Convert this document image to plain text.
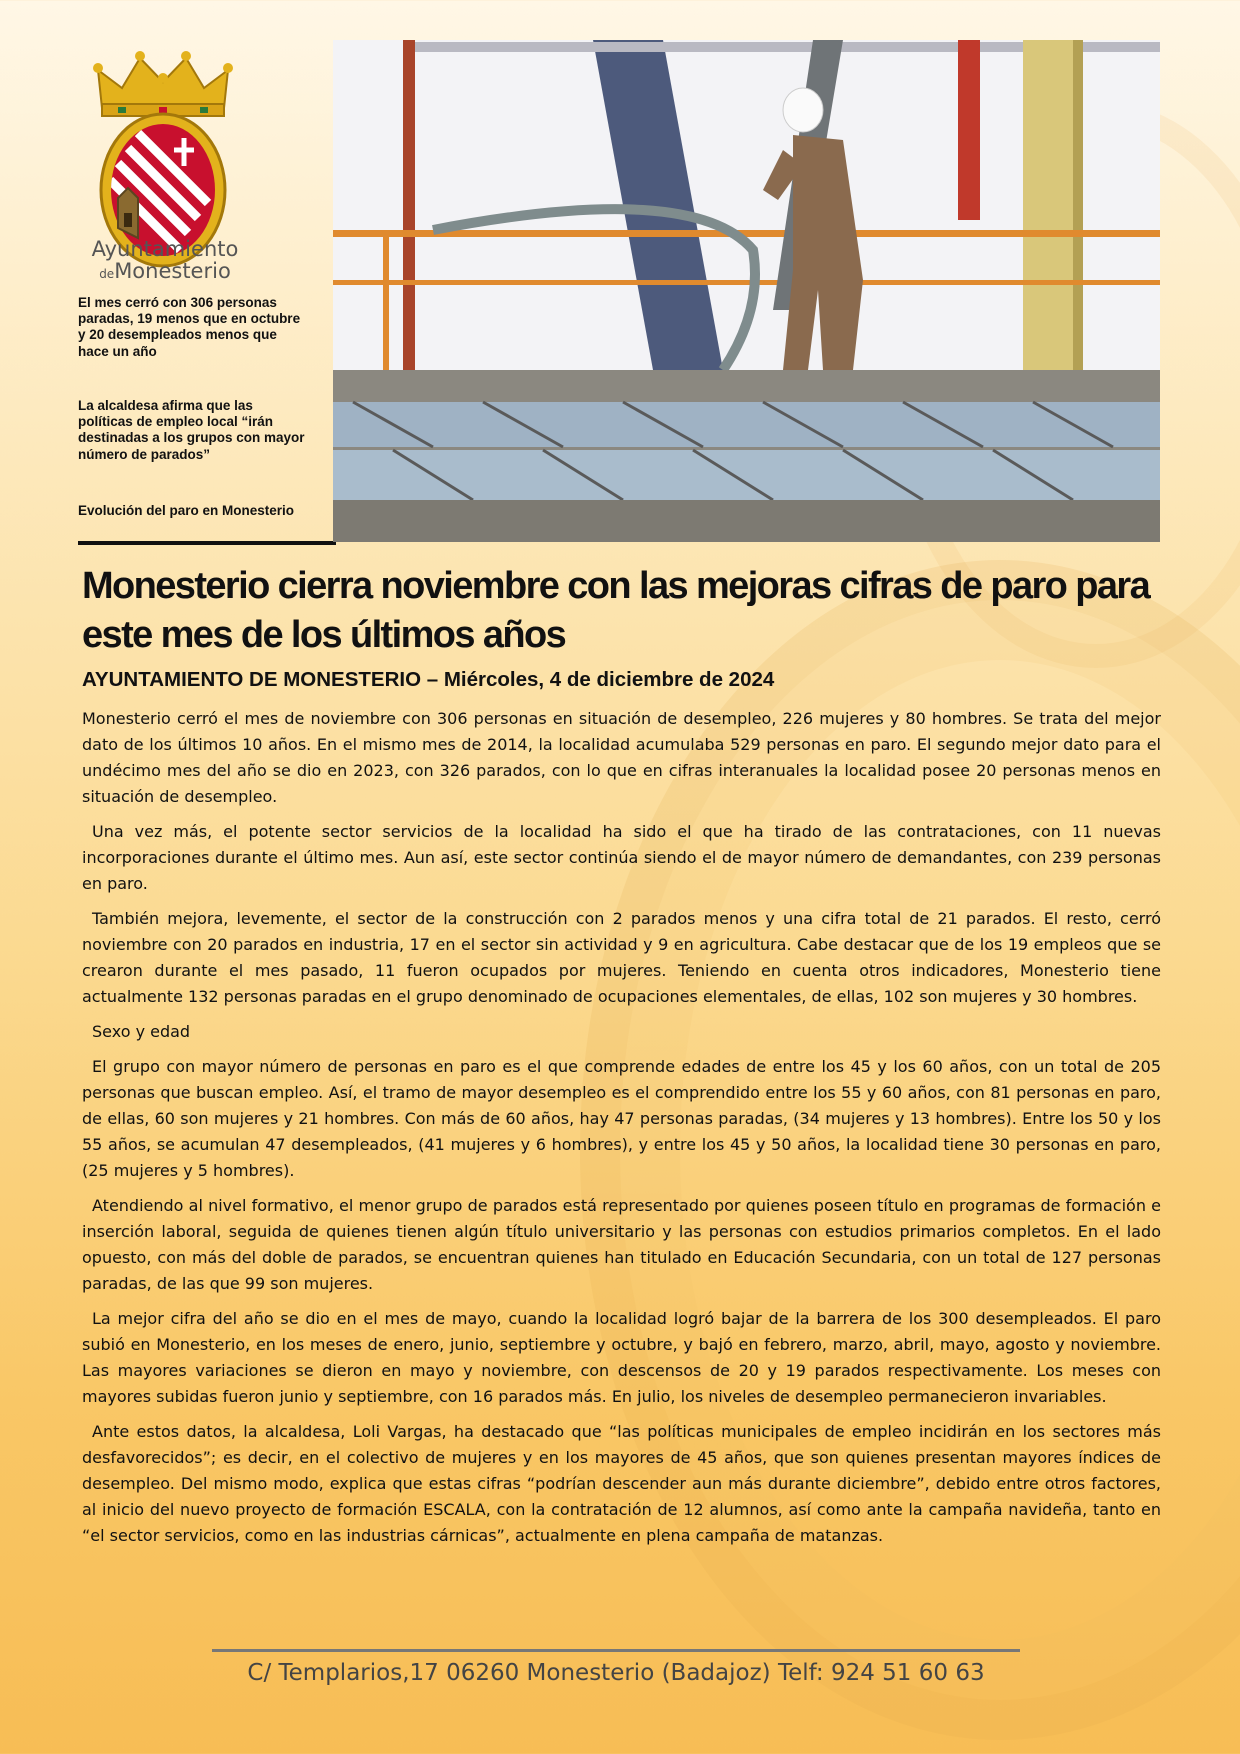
Ayuntamiento
deMonesterio
El mes cerró con 306 personas paradas, 19 menos que en octubre y 20 desempleados menos que hace un año
La alcaldesa afirma que las políticas de empleo local “irán destinadas a los grupos con mayor número de parados”
Evolución del paro en Monesterio
Monesterio cierra noviembre con las mejoras cifras de paro para este mes de los últimos años
AYUNTAMIENTO DE MONESTERIO – Miércoles, 4 de diciembre de 2024

Monesterio cerró el mes de noviembre con 306 personas en situación de desempleo, 226 mujeres y 80 hombres. Se trata del mejor dato de los últimos 10 años. En el mismo mes de 2014, la localidad acumulaba 529 personas en paro. El segundo mejor dato para el undécimo mes del año se dio en 2023, con 326 parados, con lo que en cifras interanuales la localidad posee 20 personas menos en situación de desempleo.

Una vez más, el potente sector servicios de la localidad ha sido el que ha tirado de las contrataciones, con 11 nuevas incorporaciones durante el último mes. Aun así, este sector continúa siendo el de mayor número de demandantes, con 239 personas en paro.

También mejora, levemente, el sector de la construcción con 2 parados menos y una cifra total de 21 parados. El resto, cerró noviembre con 20 parados en industria, 17 en el sector sin actividad y 9 en agricultura. Cabe destacar que de los 19 empleos que se crearon durante el mes pasado, 11 fueron ocupados por mujeres. Teniendo en cuenta otros indicadores, Monesterio tiene actualmente 132 personas paradas en el grupo denominado de ocupaciones elementales, de ellas, 102 son mujeres y 30 hombres.

Sexo y edad

El grupo con mayor número de personas en paro es el que comprende edades de entre los 45 y los 60 años, con un total de 205 personas que buscan empleo. Así, el tramo de mayor desempleo es el comprendido entre los 55 y 60 años, con 81 personas en paro, de ellas, 60 son mujeres y 21 hombres. Con más de 60 años, hay 47 personas paradas, (34 mujeres y 13 hombres). Entre los 50 y los 55 años, se acumulan 47 desempleados, (41 mujeres y 6 hombres), y entre los 45 y 50 años, la localidad tiene 30 personas en paro, (25 mujeres y 5 hombres).

Atendiendo al nivel formativo, el menor grupo de parados está representado por quienes poseen título en programas de formación e inserción laboral, seguida de quienes tienen algún título universitario y las personas con estudios primarios completos. En el lado opuesto, con más del doble de parados, se encuentran quienes han titulado en Educación Secundaria, con un total de 127 personas paradas, de las que 99 son mujeres.

La mejor cifra del año se dio en el mes de mayo, cuando la localidad logró bajar de la barrera de los 300 desempleados. El paro subió en Monesterio, en los meses de enero, junio, septiembre y octubre, y bajó en febrero, marzo, abril, mayo, agosto y noviembre. Las mayores variaciones se dieron en mayo y noviembre, con descensos de 20 y 19 parados respectivamente. Los meses con mayores subidas fueron junio y septiembre, con 16 parados más. En julio, los niveles de desempleo permanecieron invariables.

Ante estos datos, la alcaldesa, Loli Vargas, ha destacado que “las políticas municipales de empleo incidirán en los sectores más desfavorecidos”; es decir, en el colectivo de mujeres y en los mayores de 45 años, que son quienes presentan mayores índices de desempleo. Del mismo modo, explica que estas cifras “podrían descender aun más durante diciembre”, debido entre otros factores, al inicio del nuevo proyecto de formación ESCALA, con la contratación de 12 alumnos, así como ante la campaña navideña, tanto en “el sector servicios, como en las industrias cárnicas”, actualmente en plena campaña de matanzas.

C/ Templarios,17 06260 Monesterio (Badajoz) Telf: 924 51 60 63
